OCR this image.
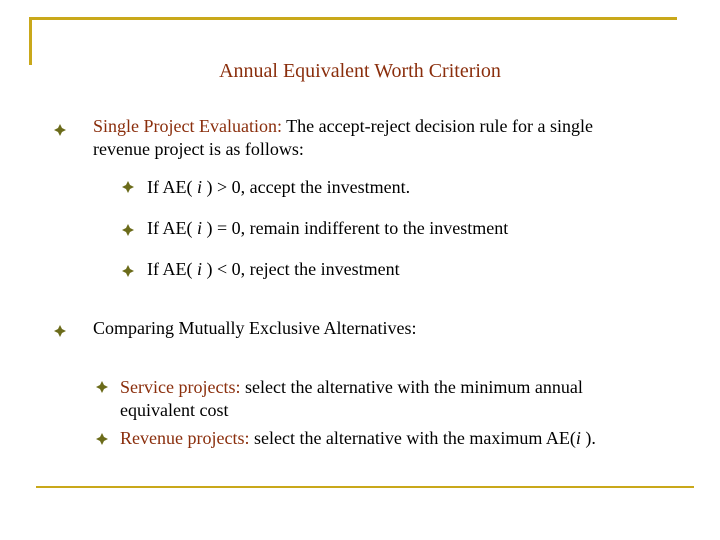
Annual Equivalent Worth Criterion
Single Project Evaluation: The accept-reject decision rule for a single
revenue project is as follows:
If AE( i ) > 0, accept the investment.
If AE( i ) = 0, remain indifferent to the investment
If AE( i ) < 0, reject the investment
Comparing Mutually Exclusive Alternatives:
Service projects: select the alternative with the minimum annual
equivalent cost
Revenue projects: select the alternative with the maximum AE(i ).
